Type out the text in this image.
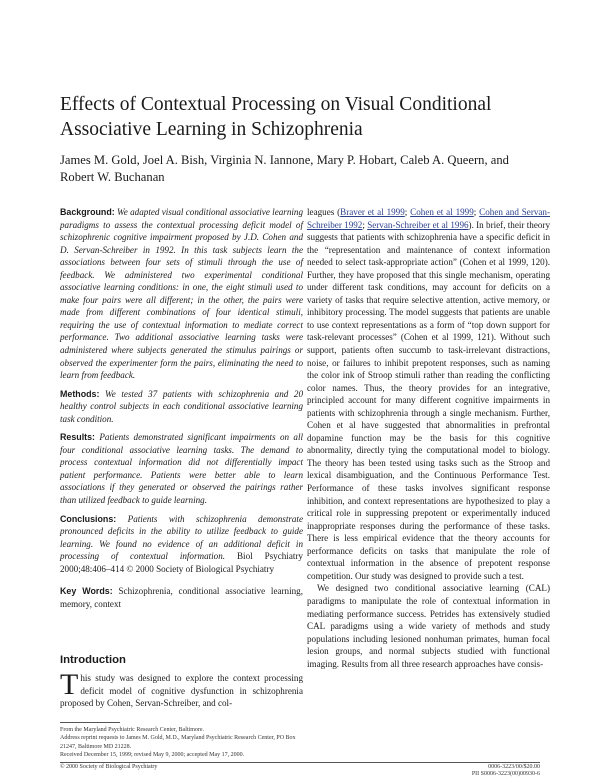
Effects of Contextual Processing on Visual Conditional Associative Learning in Schizophrenia
James M. Gold, Joel A. Bish, Virginia N. Iannone, Mary P. Hobart, Caleb A. Queern, and Robert W. Buchanan

Background: We adapted visual conditional associative learning paradigms to assess the contextual processing deficit model of schizophrenic cognitive impairment proposed by J.D. Cohen and D. Servan-Schreiber in 1992. In this task subjects learn the associations between four sets of stimuli through the use of feedback. We administered two experimental conditional associative learning conditions: in one, the eight stimuli used to make four pairs were all different; in the other, the pairs were made from different combinations of four identical stimuli, requiring the use of contextual information to mediate correct performance. Two additional associative learning tasks were administered where subjects generated the stimulus pairings or observed the experimenter form the pairs, eliminating the need to learn from feedback.

Methods: We tested 37 patients with schizophrenia and 20 healthy control subjects in each conditional associative learning task condition.

Results: Patients demonstrated significant impairments on all four conditional associative learning tasks. The demand to process contextual information did not differentially impact patient performance. Patients were better able to learn associations if they generated or observed the pairings rather than utilized feedback to guide learning.

Conclusions: Patients with schizophrenia demonstrate pronounced deficits in the ability to utilize feedback to guide learning. We found no evidence of an additional deficit in processing of contextual information. Biol Psychiatry 2000;48:406–414 © 2000 Society of Biological Psychiatry

Key Words: Schizophrenia, conditional associative learning, memory, context

Introduction
This study was designed to explore the context processing deficit model of cognitive dysfunction in schizophrenia proposed by Cohen, Servan-Schreiber, and col-
From the Maryland Psychiatric Research Center, Baltimore.
Address reprint requests to James M. Gold, M.D., Maryland Psychiatric Research Center, PO Box 21247, Baltimore MD 21228.
Received December 15, 1999; revised May 9, 2000; accepted May 17, 2000.

leagues (Braver et al 1999; Cohen et al 1999; Cohen and Servan-Schreiber 1992; Servan-Schreiber et al 1996). In brief, their theory suggests that patients with schizophrenia have a specific deficit in the “representation and maintenance of context information needed to select task-appropriate action” (Cohen et al 1999, 120). Further, they have proposed that this single mechanism, operating under different task conditions, may account for deficits on a variety of tasks that require selective attention, active memory, or inhibitory processing. The model suggests that patients are unable to use context representations as a form of “top down support for task-relevant processes” (Cohen et al 1999, 121). Without such support, patients often succumb to task-irrelevant distractions, noise, or failures to inhibit prepotent responses, such as naming the color ink of Stroop stimuli rather than reading the conflicting color names. Thus, the theory provides for an integrative, principled account for many different cognitive impairments in patients with schizophrenia through a single mechanism. Further, Cohen et al have suggested that abnormalities in prefrontal dopamine function may be the basis for this cognitive abnormality, directly tying the computational model to biology. The theory has been tested using tasks such as the Stroop and lexical disambiguation, and the Continuous Performance Test. Performance of these tasks involves significant response inhibition, and context representations are hypothesized to play a critical role in suppressing prepotent or experimentally induced inappropriate responses during the performance of these tasks. There is less empirical evidence that the theory accounts for performance deficits on tasks that manipulate the role of contextual information in the absence of prepotent response competition. Our study was designed to provide such a test.

We designed two conditional associative learning (CAL) paradigms to manipulate the role of contextual information in mediating performance success. Petrides has extensively studied CAL paradigms using a wide variety of methods and study populations including lesioned nonhuman primates, human focal lesion groups, and normal subjects studied with functional imaging. Results from all three research approaches have consis-

© 2000 Society of Biological Psychiatry	0006-3223/00/$20.00
PII S0006-3223(00)00930-6
